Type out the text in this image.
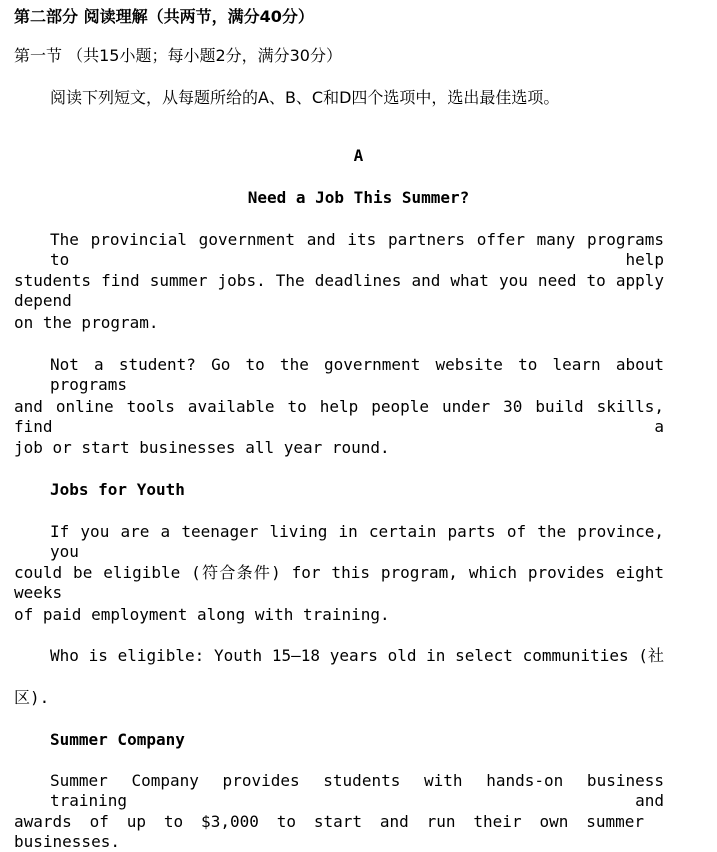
第二部分 阅读理解（共两节，满分40分）
第一节 （共15小题；每小题2分，满分30分）
阅读下列短文，从每题所给的A、B、C和D四个选项中，选出最佳选项。
A
Need a Job This Summer?
The provincial government and its partners offer many programs to help
students find summer jobs. The deadlines and what you need to apply depend
on the program.
Not a student? Go to the government website to learn about programs
and online tools available to help people under 30 build skills, find a
job or start businesses all year round.
Jobs for Youth
If you are a teenager living in certain parts of the province, you
could be eligible (符合条件) for this program, which provides eight weeks
of paid employment along with training.
Who is eligible: Youth 15—18 years old in select communities (社
区).
Summer Company
Summer Company provides students with hands-on business training and
awards of up to $3,000 to start and run their own summer businesses.
